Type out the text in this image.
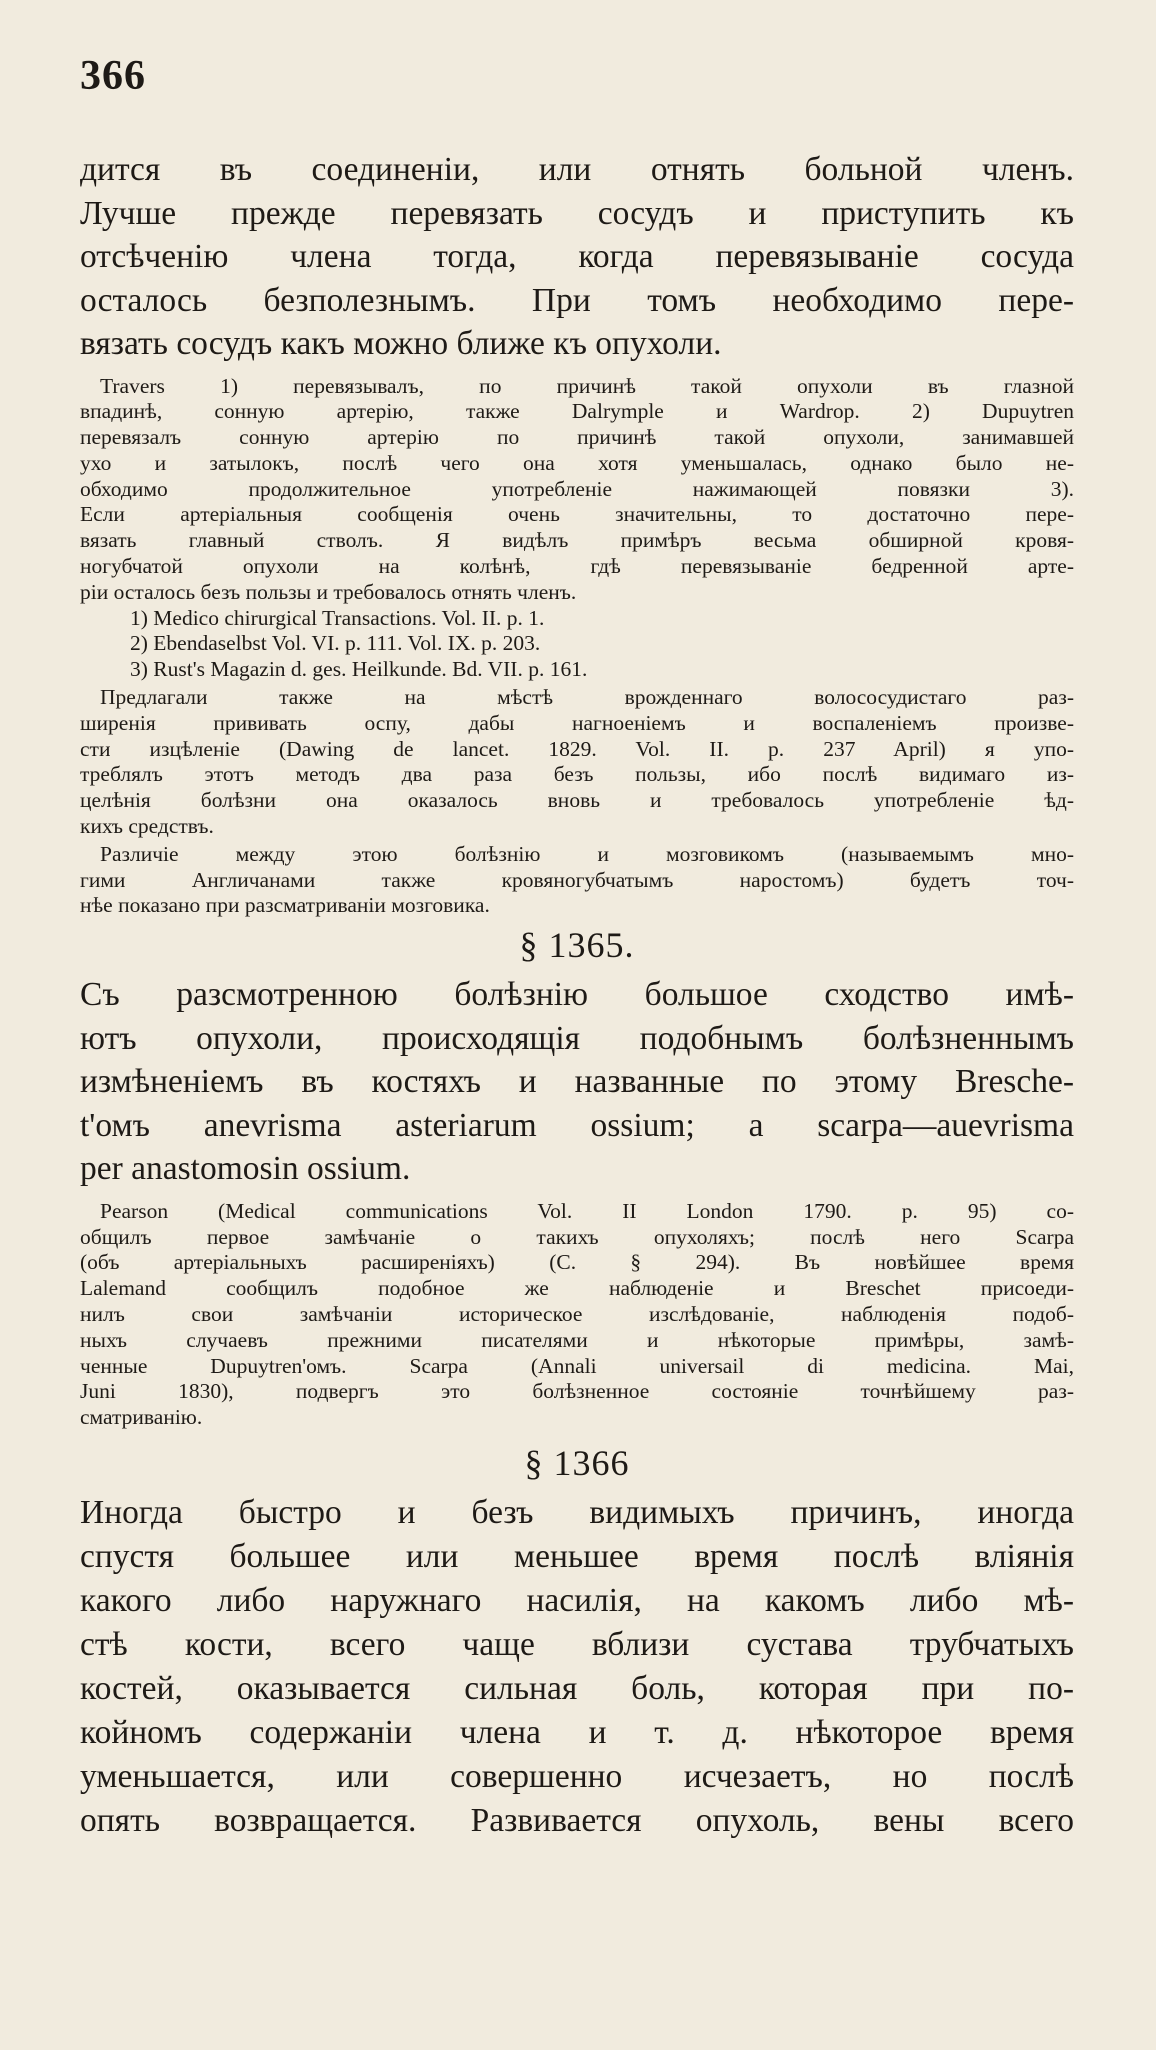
366
дится въ соединеніи, или отнять больной членъ.
Лучше прежде перевязать сосудъ и приступить къ
отсѣченію члена тогда, когда перевязываніе сосуда
осталось безполезнымъ. При томъ необходимо пере-
вязать сосудъ какъ можно ближе къ опухоли.
Travers 1) перевязывалъ, по причинѣ такой опухоли въ глазной
впадинѣ, сонную артерію, также Dalrymple и Wardrop. 2) Dupuytren
перевязалъ сонную артерію по причинѣ такой опухоли, занимавшей
ухо и затылокъ, послѣ чего она хотя уменьшалась, однако было не-
обходимо продолжительное употребленіе нажимающей повязки 3).
Если артеріальныя сообщенія очень значительны, то достаточно пере-
вязать главный стволъ. Я видѣлъ примѣръ весьма обширной кровя-
ногубчатой опухоли на колѣнѣ, гдѣ перевязываніе бедренной арте-
ріи осталось безъ пользы и требовалось отнять членъ.
1) Medico chirurgical Transactions. Vol. II. p. 1.
2) Ebendaselbst Vol. VI. p. 111. Vol. IX. p. 203.
3) Rust's Magazin d. ges. Heilkunde. Bd. VII. p. 161.
Предлагали также на мѣстѣ врожденнаго волососудистаго раз-
ширенія прививать оспу, дабы нагноеніемъ и воспаленіемъ произве-
сти изцѣленіе (Dawing de lancet. 1829. Vol. II. p. 237 April) я упо-
треблялъ этотъ методъ два раза безъ пользы, ибо послѣ видимаго из-
целѣнія болѣзни она оказалось вновь и требовалось употребленіе ѣд-
кихъ средствъ.
Различіе между этою болѣзнію и мозговикомъ (называемымъ мно-
гими Англичанами также кровяногубчатымъ наростомъ) будетъ точ-
нѣе показано при разсматриваніи мозговика.
§ 1365.
Съ разсмотренною болѣзнію большое сходство имѣ-
ютъ опухоли, происходящія подобнымъ болѣзненнымъ
измѣненіемъ въ костяхъ и названные по этому Bresche-
t'омъ anevrisma asteriarum ossium; а scarpa—auevrisma
per anastomosin ossium.
Pearson (Medical communications Vol. II London 1790. p. 95) со-
общилъ первое замѣчаніе о такихъ опухоляхъ; послѣ него Scarpa
(объ артеріальныхъ расширеніяхъ) (С. § 294). Въ новѣйшее время
Lalemand сообщилъ подобное же наблюденіе и Breschet присоеди-
нилъ свои замѣчаніи историческое изслѣдованіе, наблюденія подоб-
ныхъ случаевъ прежними писателями и нѣкоторые примѣры, замѣ-
ченные Dupuytren'омъ. Scarpa (Annali universail di medicina. Mai,
Juni 1830), подвергъ это болѣзненное состояніе точнѣйшему раз-
сматриванію.
§ 1366
Иногда быстро и безъ видимыхъ причинъ, иногда
спустя большее или меньшее время послѣ вліянія
какого либо наружнаго насилія, на какомъ либо мѣ-
стѣ кости, всего чаще вблизи сустава трубчатыхъ
костей, оказывается сильная боль, которая при по-
койномъ содержаніи члена и т. д. нѣкоторое время
уменьшается, или совершенно исчезаетъ, но послѣ
опять возвращается. Развивается опухоль, вены всего
